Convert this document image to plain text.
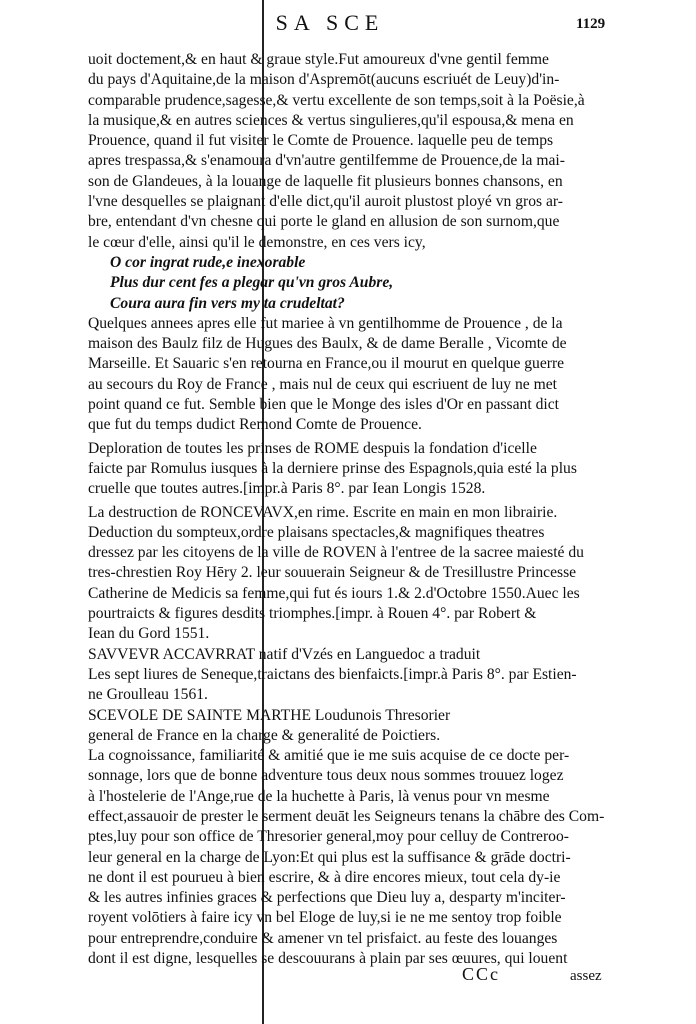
SA SCE	1129
uoit doctement,& en haut & graue style.Fut amoureux d'vne gentil femme
du pays d'Aquitaine,de la maison d'Aspremōt(aucuns escriuét de Leuy)d'in-
comparable prudence,sagesse,& vertu excellente de son temps,soit à la Poësie,à
la musique,& en autres sciences & vertus singulieres,qu'il espousa,& mena en
Prouence, quand il fut visiter le Comte de Prouence. laquelle peu de temps
apres trespassa,& s'enamoura d'vn'autre gentilfemme de Prouence,de la mai-
son de Glandeues, à la louange de laquelle fit plusieurs bonnes chansons, en
l'vne desquelles se plaignant d'elle dict,qu'il auroit plustost ployé vn gros ar-
bre, entendant d'vn chesne qui porte le gland en allusion de son surnom,que
le cœur d'elle, ainsi qu'il le demonstre, en ces vers icy,
O cor ingrat rude,e inexorable
Plus dur cent fes a plegar qu'vn gros Aubre,
Coura aura fin vers my ta crudeltat?
Quelques annees apres elle fut mariee à vn gentilhomme de Prouence , de la
maison des Baulz filz de Hugues des Baulx, & de dame Beralle , Vicomte de
Marseille. Et Sauaric s'en retourna en France,ou il mourut en quelque guerre
au secours du Roy de France , mais nul de ceux qui escriuent de luy ne met
point quand ce fut. Semble bien que le Monge des isles d'Or en passant dict
que fut du temps dudict Remond Comte de Prouence.
Deploration de toutes les prinses de ROME despuis la fondation d'icelle
faicte par Romulus iusques à la derniere prinse des Espagnols,quia esté la plus
cruelle que toutes autres.[impr.à Paris 8°. par Iean Longis 1528.
La destruction de RONCEVAVX,en rime. Escrite en main en mon librairie.
Deduction du sompteux,ordre plaisans spectacles,& magnifiques theatres
dressez par les citoyens de la ville de ROVEN à l'entree de la sacree maiesté du
tres-chrestien Roy Hēry 2. leur souuerain Seigneur & de Tresillustre Princesse
Catherine de Medicis sa femme,qui fut és iours 1.& 2.d'Octobre 1550.Auec les
pourtraicts & figures desdits triomphes.[impr. à Rouen 4°. par Robert &
Iean du Gord 1551.
SAVVEVR ACCAVRRAT natif d'Vzés en Languedoc a traduit
Les sept liures de Seneque,traictans des bienfaicts.[impr.à Paris 8°. par Estien-
ne Groulleau 1561.
SCEVOLE DE SAINTE MARTHE Loudunois Thresorier
general de France en la charge & generalité de Poictiers.
La cognoissance, familiarité & amitié que ie me suis acquise de ce docte per-
sonnage, lors que de bonne adventure tous deux nous sommes trouuez logez
à l'hostelerie de l'Ange,rue de la huchette à Paris, là venus pour vn mesme
effect,assauoir de prester le serment deuāt les Seigneurs tenans la chābre des Com-
ptes,luy pour son office de Thresorier general,moy pour celluy de Contreroo-
leur general en la charge de Lyon:Et qui plus est la suffisance & grāde doctri-
ne dont il est pourueu à bien escrire, & à dire encores mieux, tout cela dy-ie
& les autres infinies graces & perfections que Dieu luy a, desparty m'inciter-
royent volōtiers à faire icy vn bel Eloge de luy,si ie ne me sentoy trop foible
pour entreprendre,conduire & amener vn tel prisfaict. au feste des louanges
dont il est digne, lesquelles se descouurans à plain par ses œuures, qui louent
CCc	assez
